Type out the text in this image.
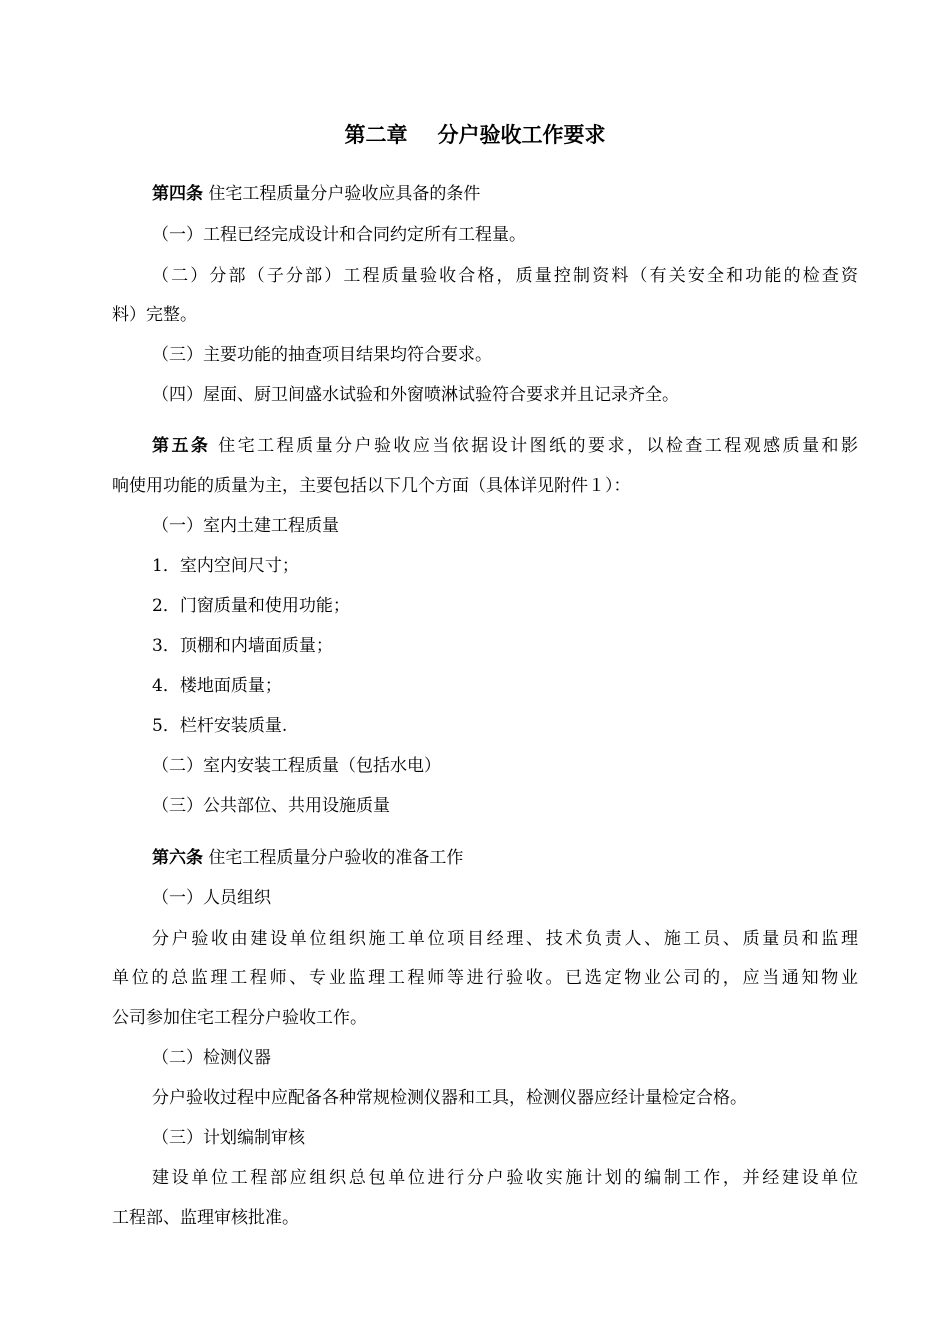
第二章 分户验收工作要求
第四条 住宅工程质量分户验收应具备的条件
（一）工程已经完成设计和合同约定所有工程量。
（二）分部（子分部）工程质量验收合格，质量控制资料（有关安全和功能的检查资
料）完整。
（三）主要功能的抽查项目结果均符合要求。
（四）屋面、厨卫间盛水试验和外窗喷淋试验符合要求并且记录齐全。
第五条 住宅工程质量分户验收应当依据设计图纸的要求，以检查工程观感质量和影
响使用功能的质量为主，主要包括以下几个方面（具体详见附件１）：
（一）室内土建工程质量
1．室内空间尺寸；
2．门窗质量和使用功能；
3．顶棚和内墙面质量；
4．楼地面质量；
5．栏杆安装质量.
（二）室内安装工程质量（包括水电）
（三）公共部位、共用设施质量
第六条 住宅工程质量分户验收的准备工作
（一）人员组织
分户验收由建设单位组织施工单位项目经理、技术负责人、施工员、质量员和监理
单位的总监理工程师、专业监理工程师等进行验收。已选定物业公司的，应当通知物业
公司参加住宅工程分户验收工作。
（二）检测仪器
分户验收过程中应配备各种常规检测仪器和工具，检测仪器应经计量检定合格。
（三）计划编制审核
建设单位工程部应组织总包单位进行分户验收实施计划的编制工作，并经建设单位
工程部、监理审核批准。
